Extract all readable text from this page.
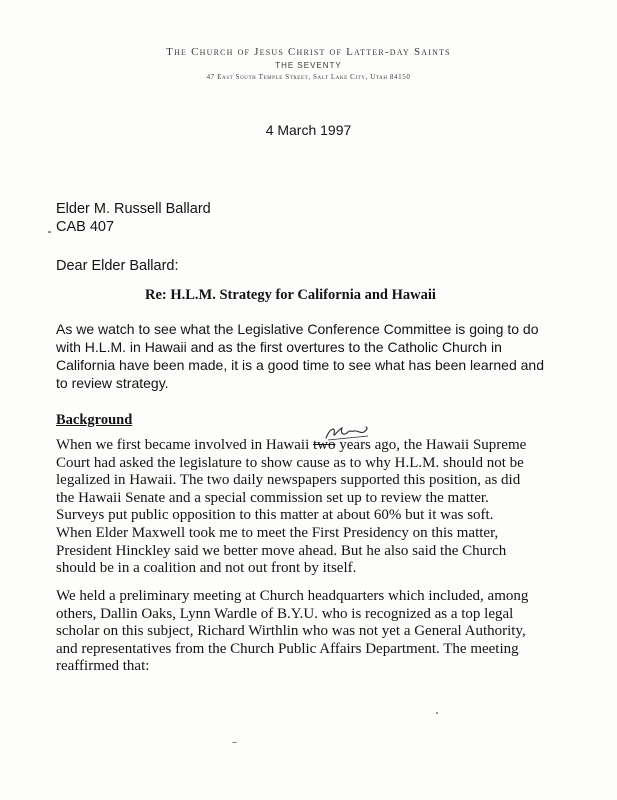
The Church of Jesus Christ of Latter-day Saints
THE SEVENTY
47 East South Temple Street, Salt Lake City, Utah 84150
4 March 1997
Elder M. Russell Ballard
CAB 407
Dear Elder Ballard:
Re: H.L.M. Strategy for California and Hawaii
As we watch to see what the Legislative Conference Committee is going to do
with H.L.M. in Hawaii and as the first overtures to the Catholic Church in
California have been made, it is a good time to see what has been learned and
to review strategy.
Background
When we first became involved in Hawaii two years ago, the Hawaii Supreme
Court had asked the legislature to show cause as to why H.L.M. should not be
legalized in Hawaii. The two daily newspapers supported this position, as did
the Hawaii Senate and a special commission set up to review the matter.
Surveys put public opposition to this matter at about 60% but it was soft.
When Elder Maxwell took me to meet the First Presidency on this matter,
President Hinckley said we better move ahead. But he also said the Church
should be in a coalition and not out front by itself.
We held a preliminary meeting at Church headquarters which included, among
others, Dallin Oaks, Lynn Wardle of B.Y.U. who is recognized as a top legal
scholar on this subject, Richard Wirthlin who was not yet a General Authority,
and representatives from the Church Public Affairs Department. The meeting
reaffirmed that:
